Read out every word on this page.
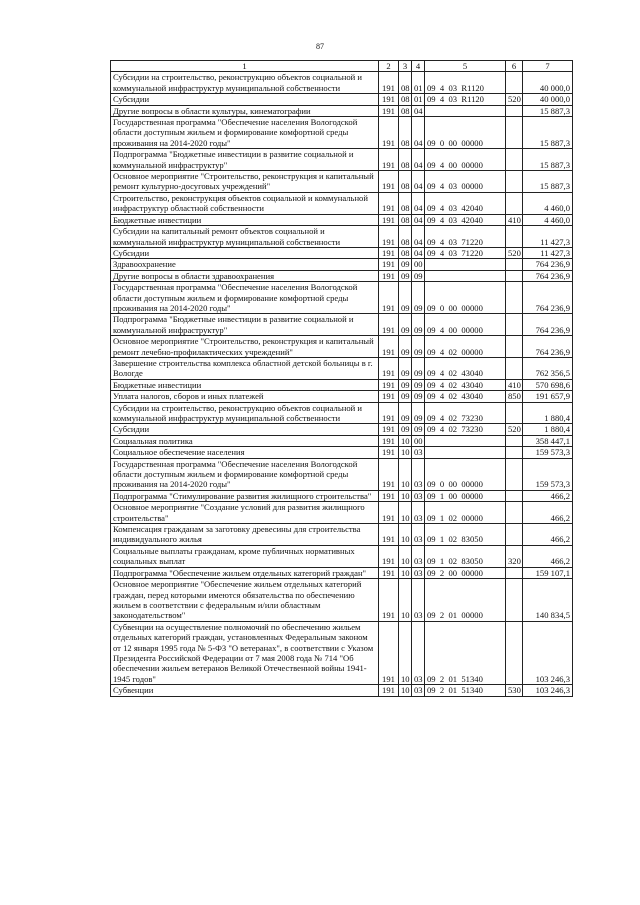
87
1	2	3	4	5	6	7
Субсидии на строительство, реконструкцию объектов социальной и коммунальной инфраструктур муниципальной собственности	191	08	01	09  4  03  R1120		40 000,0
Субсидии	191	08	01	09  4  03  R1120	520	40 000,0
Другие вопросы в области культуры, кинематографии	191	08	04			15 887,3
Государственная программа "Обеспечение населения Вологодской области доступным жильем и формирование комфортной среды проживания на 2014-2020 годы"	191	08	04	09  0  00  00000		15 887,3
Подпрограмма "Бюджетные инвестиции в развитие социальной и коммунальной инфраструктур"	191	08	04	09  4  00  00000		15 887,3
Основное мероприятие "Строительство, реконструкция и капитальный ремонт культурно-досуговых учреждений"	191	08	04	09  4  03  00000		15 887,3
Строительство, реконструкция объектов социальной и коммунальной инфраструктур областной собственности	191	08	04	09  4  03  42040		4 460,0
Бюджетные инвестиции	191	08	04	09  4  03  42040	410	4 460,0
Субсидии на капитальный ремонт объектов социальной и коммунальной инфраструктур муниципальной собственности	191	08	04	09  4  03  71220		11 427,3
Субсидии	191	08	04	09  4  03  71220	520	11 427,3
Здравоохранение	191	09	00			764 236,9
Другие вопросы в области здравоохранения	191	09	09			764 236,9
Государственная программа "Обеспечение населения Вологодской области доступным жильем и формирование комфортной среды проживания на 2014-2020 годы"	191	09	09	09  0  00  00000		764 236,9
Подпрограмма "Бюджетные инвестиции в развитие социальной и коммунальной инфраструктур"	191	09	09	09  4  00  00000		764 236,9
Основное мероприятие "Строительство, реконструкция и капитальный ремонт лечебно-профилактических учреждений"	191	09	09	09  4  02  00000		764 236,9
Завершение строительства комплекса областной детской больницы в г. Вологде	191	09	09	09  4  02  43040		762 356,5
Бюджетные инвестиции	191	09	09	09  4  02  43040	410	570 698,6
Уплата налогов, сборов и иных платежей	191	09	09	09  4  02  43040	850	191 657,9
Субсидии на строительство, реконструкцию объектов социальной и коммунальной инфраструктур муниципальной собственности	191	09	09	09  4  02  73230		1 880,4
Субсидии	191	09	09	09  4  02  73230	520	1 880,4
Социальная политика	191	10	00			358 447,1
Социальное обеспечение населения	191	10	03			159 573,3
Государственная программа "Обеспечение населения Вологодской области доступным жильем и формирование комфортной среды проживания на 2014-2020 годы"	191	10	03	09  0  00  00000		159 573,3
Подпрограмма "Стимулирование развития жилищного строительства"	191	10	03	09  1  00  00000		466,2
Основное мероприятие "Создание условий для развития жилищного строительства"	191	10	03	09  1  02  00000		466,2
Компенсация гражданам за заготовку древесины для строительства индивидуального жилья	191	10	03	09  1  02  83050		466,2
Социальные выплаты гражданам, кроме публичных нормативных социальных выплат	191	10	03	09  1  02  83050	320	466,2
Подпрограмма "Обеспечение жильем отдельных категорий граждан"	191	10	03	09  2  00  00000		159 107,1
Основное мероприятие "Обеспечение жильем отдельных категорий граждан, перед которыми имеются обязательства по обеспечению жильем в соответствии с федеральным и/или областным законодательством"	191	10	03	09  2  01  00000		140 834,5
Субвенции на осуществление полномочий по обеспечению жильем отдельных категорий граждан, установленных Федеральным законом от 12 января 1995 года № 5-ФЗ "О ветеранах", в соответствии с Указом Президента Российской Федерации от 7 мая 2008 года № 714 "Об обеспечении жильем ветеранов Великой Отечественной войны 1941-1945 годов"	191	10	03	09  2  01  51340		103 246,3
Субвенции	191	10	03	09  2  01  51340	530	103 246,3
